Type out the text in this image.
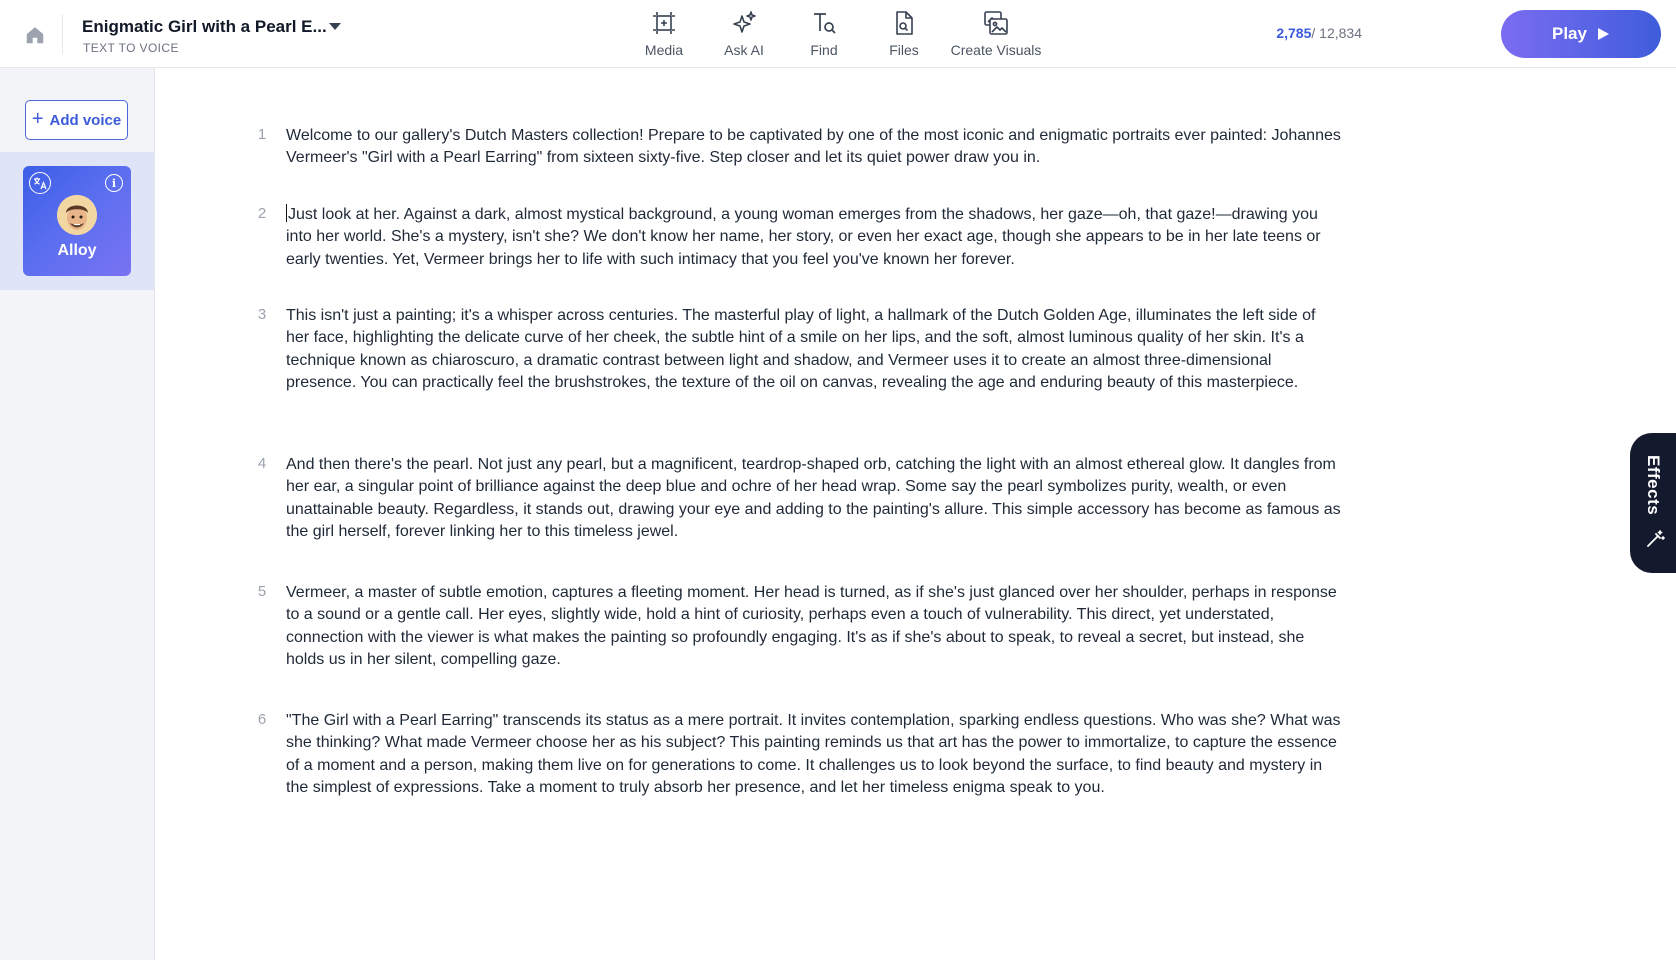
Enigmatic Girl with a Pearl E...
TEXT TO VOICE	Media	Ask AI	Find	Files Create Visuals
2,785/ 12,834	Play
+ Add voice
i
Alloy
1	Welcome to our gallery's Dutch Masters collection! Prepare to be captivated by one of the most iconic and enigmatic portraits ever painted: Johannes Vermeer's "Girl with a Pearl Earring" from sixteen sixty-five. Step closer and let its quiet power draw you in.
2	Just look at her. Against a dark, almost mystical background, a young woman emerges from the shadows, her gaze—oh, that gaze!—drawing you into her world. She's a mystery, isn't she? We don't know her name, her story, or even her exact age, though she appears to be in her late teens or early twenties. Yet, Vermeer brings her to life with such intimacy that you feel you've known her forever.
3	This isn't just a painting; it's a whisper across centuries. The masterful play of light, a hallmark of the Dutch Golden Age, illuminates the left side of her face, highlighting the delicate curve of her cheek, the subtle hint of a smile on her lips, and the soft, almost luminous quality of her skin. It's a technique known as chiaroscuro, a dramatic contrast between light and shadow, and Vermeer uses it to create an almost three-dimensional presence. You can practically feel the brushstrokes, the texture of the oil on canvas, revealing the age and enduring beauty of this masterpiece.
4	And then there's the pearl. Not just any pearl, but a magnificent, teardrop-shaped orb, catching the light with an almost ethereal glow. It dangles from her ear, a singular point of brilliance against the deep blue and ochre of her head wrap. Some say the pearl symbolizes purity, wealth, or even unattainable beauty. Regardless, it stands out, drawing your eye and adding to the painting's allure. This simple accessory has become as famous as the girl herself, forever linking her to this timeless jewel.
5	Vermeer, a master of subtle emotion, captures a fleeting moment. Her head is turned, as if she's just glanced over her shoulder, perhaps in response to a sound or a gentle call. Her eyes, slightly wide, hold a hint of curiosity, perhaps even a touch of vulnerability. This direct, yet understated, connection with the viewer is what makes the painting so profoundly engaging. It's as if she's about to speak, to reveal a secret, but instead, she holds us in her silent, compelling gaze.
6	"The Girl with a Pearl Earring" transcends its status as a mere portrait. It invites contemplation, sparking endless questions. Who was she? What was she thinking? What made Vermeer choose her as his subject? This painting reminds us that art has the power to immortalize, to capture the essence of a moment and a person, making them live on for generations to come. It challenges us to look beyond the surface, to find beauty and mystery in the simplest of expressions. Take a moment to truly absorb her presence, and let her timeless enigma speak to you.
Effects
